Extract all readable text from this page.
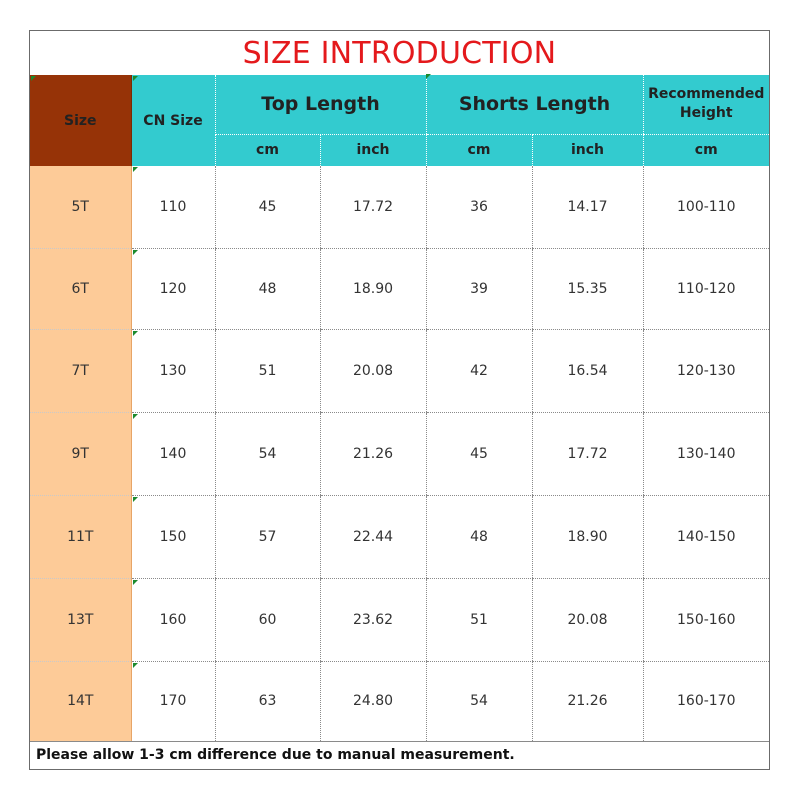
SIZE INTRODUCTION
Size	CN Size	Top Length		Shorts Length		Recommended
Height

		cm	inch	cm	inch	cm
5T	110	45	17.72	36	14.17	100-110
6T	120	48	18.90	39	15.35	110-120
7T	130	51	20.08	42	16.54	120-130
9T	140	54	21.26	45	17.72	130-140
11T	150	57	22.44	48	18.90	140-150
13T	160	60	23.62	51	20.08	150-160
14T	170	63	24.80	54	21.26	160-170
Please allow 1-3 cm difference due to manual measurement.						
